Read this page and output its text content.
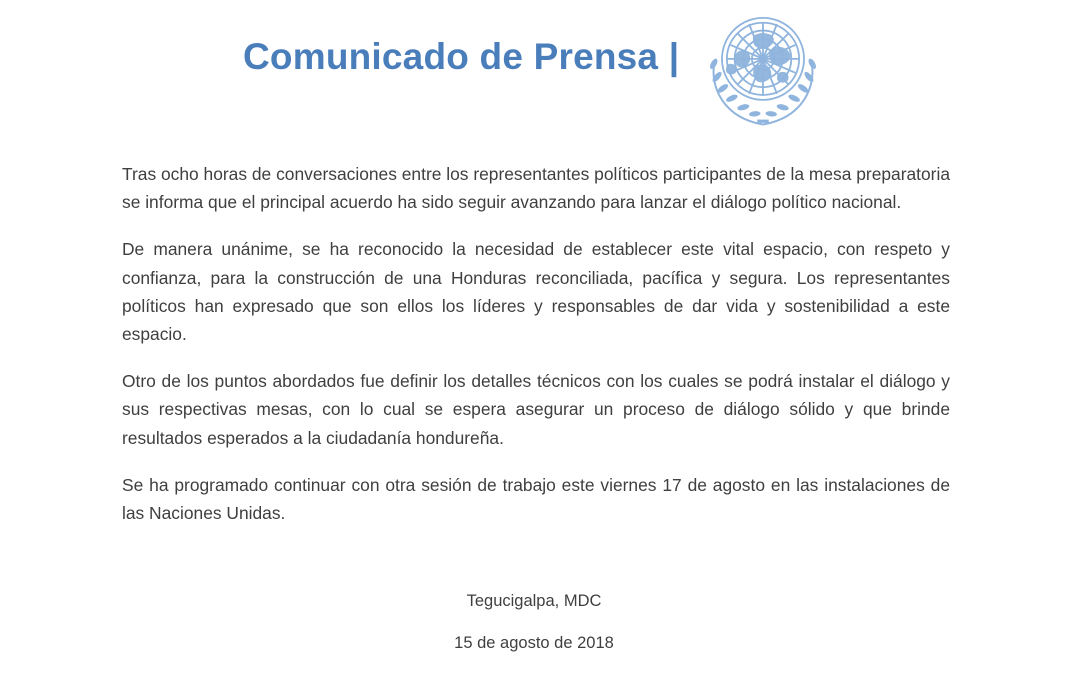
Comunicado de Prensa |

Tras ocho horas de conversaciones entre los representantes políticos participantes de la mesa preparatoria se informa que el principal acuerdo ha sido seguir avanzando para lanzar el diálogo político nacional.

De manera unánime, se ha reconocido la necesidad de establecer este vital espacio, con respeto y confianza, para la construcción de una Honduras reconciliada, pacífica y segura. Los representantes políticos han expresado que son ellos los líderes y responsables de dar vida y sostenibilidad a este espacio.

Otro de los puntos abordados fue definir los detalles técnicos con los cuales se podrá instalar el diálogo y sus respectivas mesas, con lo cual se espera asegurar un proceso de diálogo sólido y que brinde resultados esperados a la ciudadanía hondureña.

Se ha programado continuar con otra sesión de trabajo este viernes 17 de agosto en las instalaciones de las Naciones Unidas.

Tegucigalpa, MDC
15 de agosto de 2018
